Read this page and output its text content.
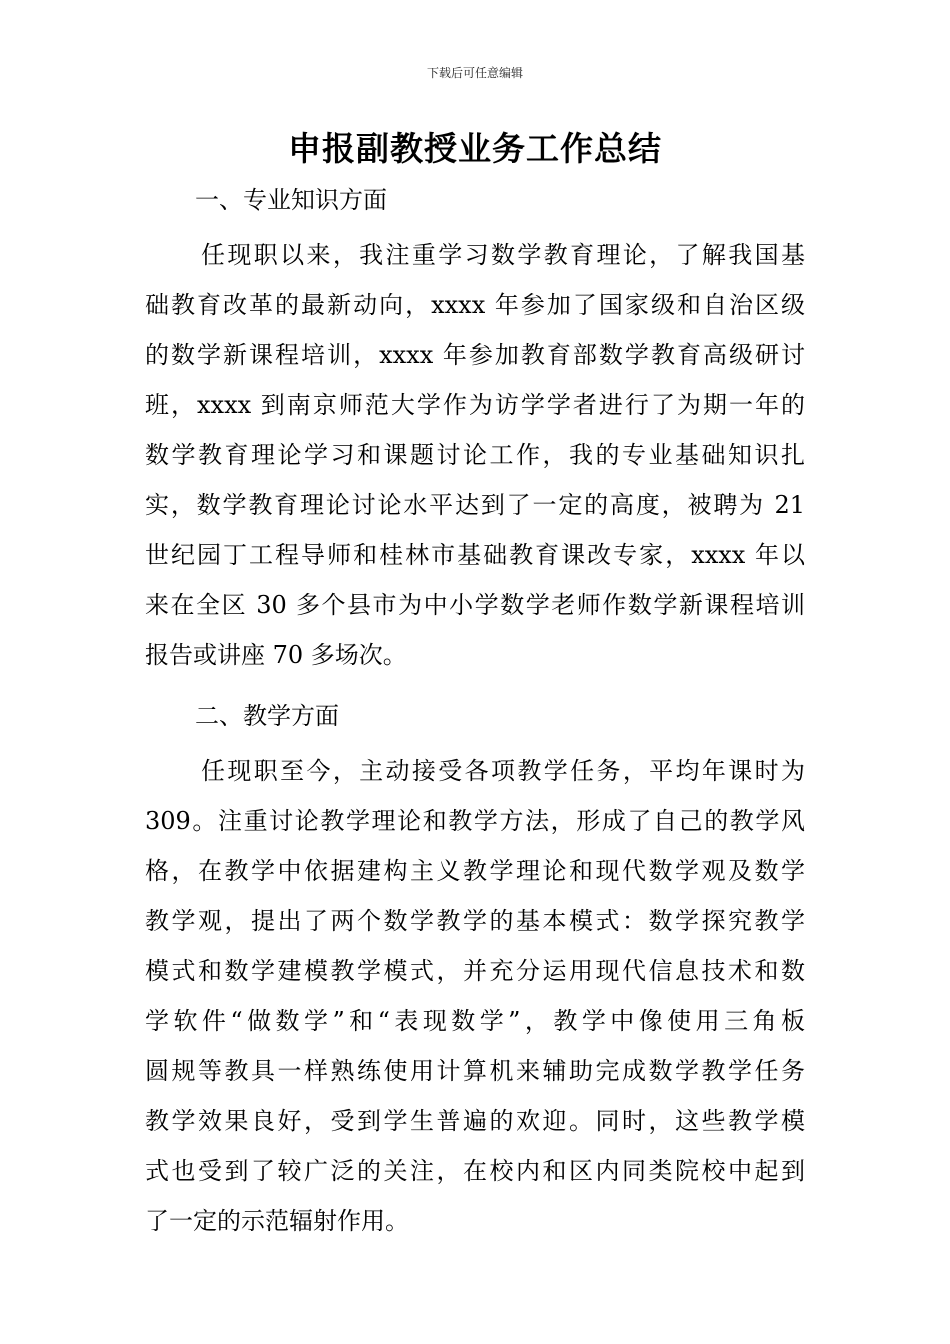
下载后可任意编辑
申报副教授业务工作总结
一、专业知识方面

任现职以来，我注重学习数学教育理论，了解我国基
础教育改革的最新动向，xxxx 年参加了国家级和自治区级
的数学新课程培训，xxxx 年参加教育部数学教育高级研讨
班，xxxx 到南京师范大学作为访学学者进行了为期一年的
数学教育理论学习和课题讨论工作，我的专业基础知识扎
实，数学教育理论讨论水平达到了一定的高度，被聘为 21
世纪园丁工程导师和桂林市基础教育课改专家，xxxx 年以
来在全区 30 多个县市为中小学数学老师作数学新课程培训
报告或讲座 70 多场次。

二、教学方面

任现职至今，主动接受各项教学任务，平均年课时为
309。注重讨论教学理论和教学方法，形成了自己的教学风
格，在教学中依据建构主义教学理论和现代数学观及数学
教学观，提出了两个数学教学的基本模式：数学探究教学
模式和数学建模教学模式，并充分运用现代信息技术和数
学软件“做数学”和“表现数学”，教学中像使用三角板
圆规等教具一样熟练使用计算机来辅助完成数学教学任务
教学效果良好，受到学生普遍的欢迎。同时，这些教学模
式也受到了较广泛的关注，在校内和区内同类院校中起到
了一定的示范辐射作用。
